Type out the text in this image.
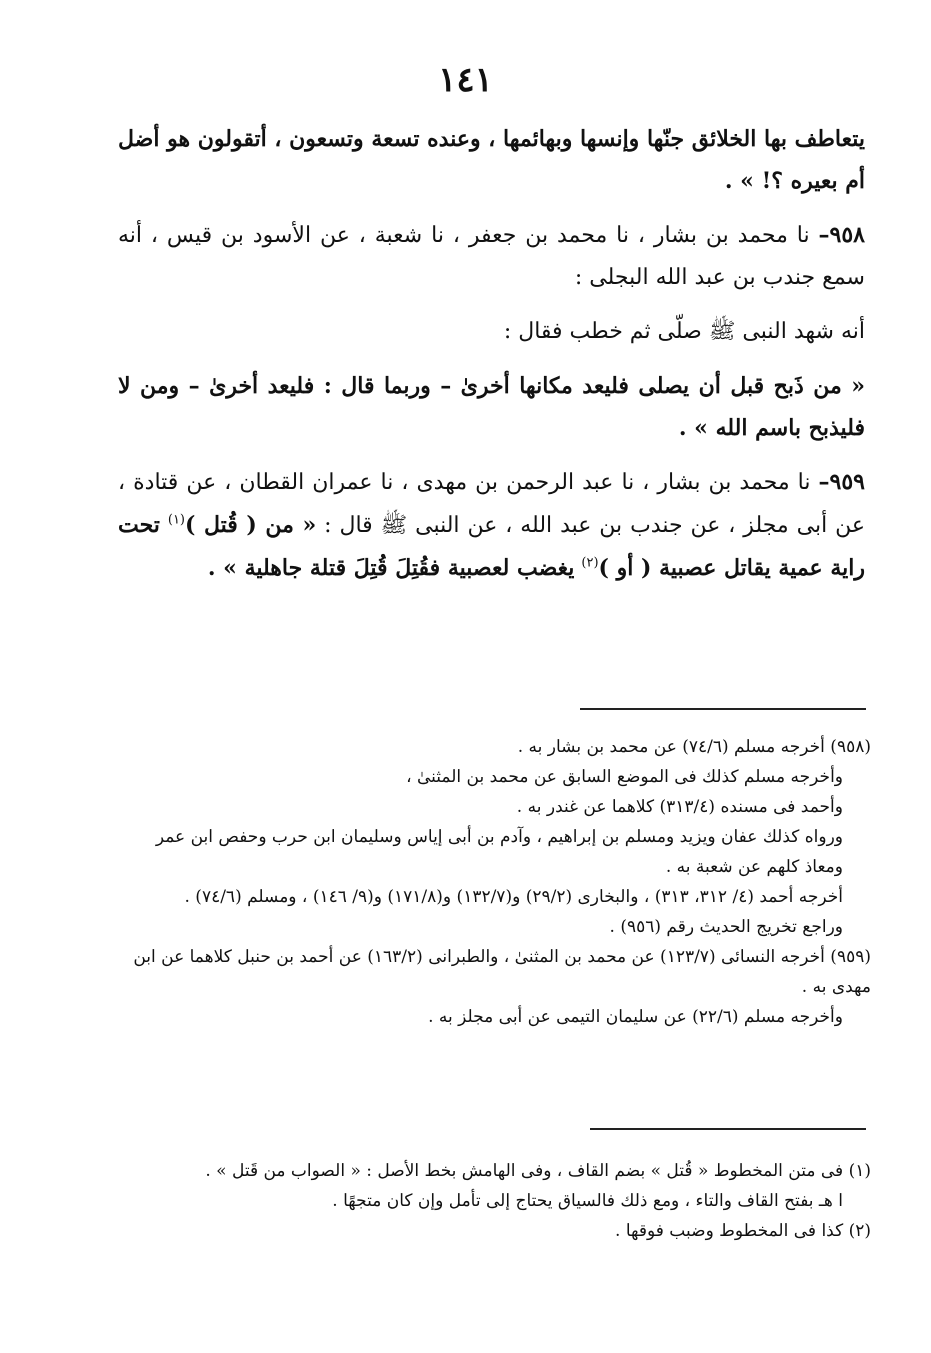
١٤١

يتعاطف بها الخلائق جنّها وإنسها وبهائمها ، وعنده تسعة وتسعون ، أتقولون هو أضل أم بعيره ؟! » .

٩٥٨– نا محمد بن بشار ، نا محمد بن جعفر ، نا شعبة ، عن الأسود بن قيس ، أنه سمع جندب بن عبد الله البجلى :

أنه شهد النبى ﷺ صلّى ثم خطب فقال :

« من ذَبح قبل أن يصلى فليعد مكانها أخرىٰ – وربما قال : فليعد أخرىٰ – ومن لا فليذبح باسم الله » .

٩٥٩– نا محمد بن بشار ، نا عبد الرحمن بن مهدى ، نا عمران القطان ، عن قتادة ، عن أبى مجلز ، عن جندب بن عبد الله ، عن النبى ﷺ قال : « من ( قُتل )$^{(١)}$ تحت راية عمية يقاتل عصبية ( أو )$^{(٢)}$ يغضب لعصبية فقُتِلَ قُتِلَ قتلة جاهلية » .

(٩٥٨) أخرجه مسلم (٧٤/٦) عن محمد بن بشار به .

وأخرجه مسلم كذلك فى الموضع السابق عن محمد بن المثنىٰ ،

وأحمد فى مسنده (٣١٣/٤) كلاهما عن غندر به .

ورواه كذلك عفان ويزيد ومسلم بن إبراهيم ، وآدم بن أبى إياس وسليمان ابن حرب وحفص ابن عمر ومعاذ كلهم عن شعبة به .

أخرجه أحمد (٤/ ٣١٢، ٣١٣) ، والبخارى (٢٩/٢) و(١٣٢/٧) و(١٧١/٨) و(٩/ ١٤٦) ، ومسلم (٧٤/٦) .

وراجع تخريج الحديث رقم (٩٥٦) .

(٩٥٩) أخرجه النسائى (١٢٣/٧) عن محمد بن المثنىٰ ، والطبرانى (١٦٣/٢) عن أحمد بن حنبل كلاهما عن ابن مهدى به .

وأخرجه مسلم (٢٢/٦) عن سليمان التيمى عن أبى مجلز به .

(١) فى متن المخطوط « قُتل » بضم القاف ، وفى الهامش بخط الأصل : « الصواب من قَتل » .

ا هـ بفتح القاف والتاء ، ومع ذلك فالسياق يحتاج إلى تأمل وإن كان متجهًا .

(٢) كذا فى المخطوط وضبب فوقها .
